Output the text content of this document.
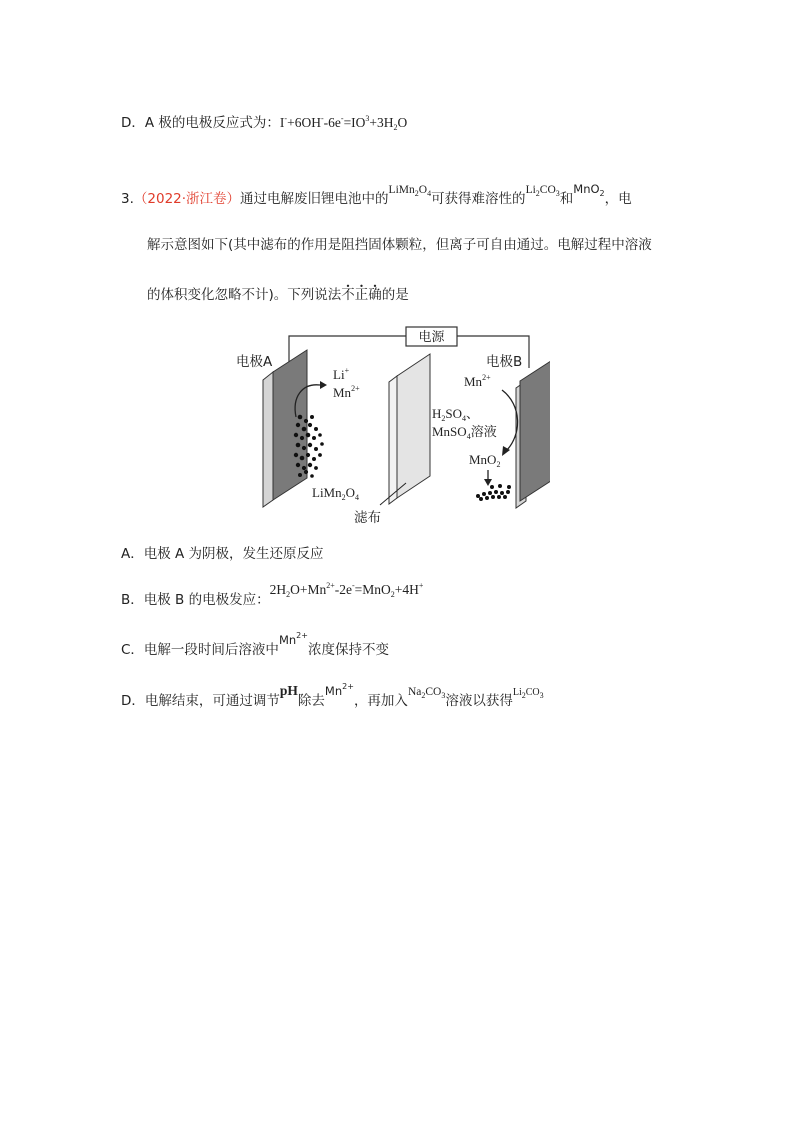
D．A 极的电极反应式为：$I^-+6OH^--6e^-=IO^3+3H_2O$
3.（2022·浙江卷）通过电解废旧锂电池中的$LiMn_2O_4$可获得难溶性的$Li_2CO_3$和MnO$_2$，电
解示意图如下(其中滤布的作用是阻挡固体颗粒，但离子可自由通过。电解过程中溶液
的体积变化忽略不计)。下列说法不正确的是
电源
Li+
$Mn^{2+}$
电极A	电极B
$Mn^{2+}$
$H_2SO_4$、
MnSO$_4$溶液
MnO$_2$
$LiMn_2O_4$
滤布
A．电极 A 为阴极，发生还原反应
B．电极 B 的电极发应：$2H_2O+Mn^{2+}-2e^-=MnO_2+4H^+$
C．电解一段时间后溶液中$Mn^{2+}$浓度保持不变
D．电解结束，可通过调节pH除去$Mn^{2+}$，再加入$Na_2CO_3$溶液以获得$^{Li_2CO_3}$
